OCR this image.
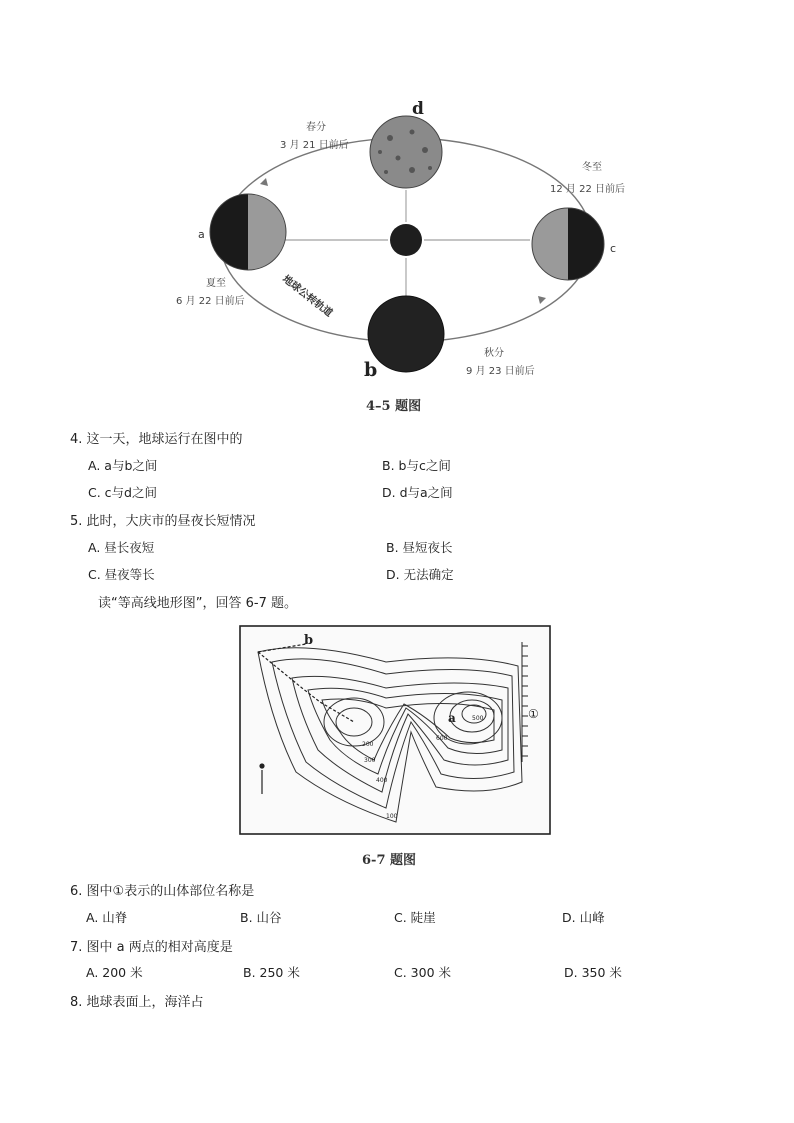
d
b
a
c
春分
3 月 21 日前后
冬至
12 月 22 日前后
夏至
6 月 22 日前后
秋分
9 月 23 日前后
地球公转轨道
4–5 题图
4. 这一天，地球运行在图中的
A. a与b之间	B. b与c之间
C. c与d之间	D. d与a之间
5. 此时，大庆市的昼夜长短情况
A. 昼长夜短	B. 昼短夜长
C. 昼夜等长	D. 无法确定
读“等高线地形图”，回答 6-7 题。
b
a	①
200
300
500
600
400
100
6-7 题图
6. 图中①表示的山体部位名称是
A. 山脊	B. 山谷	C. 陡崖	D. 山峰
7. 图中 a 两点的相对高度是
A. 200 米	B. 250 米	C. 300 米	D. 350 米
8. 地球表面上，海洋占
